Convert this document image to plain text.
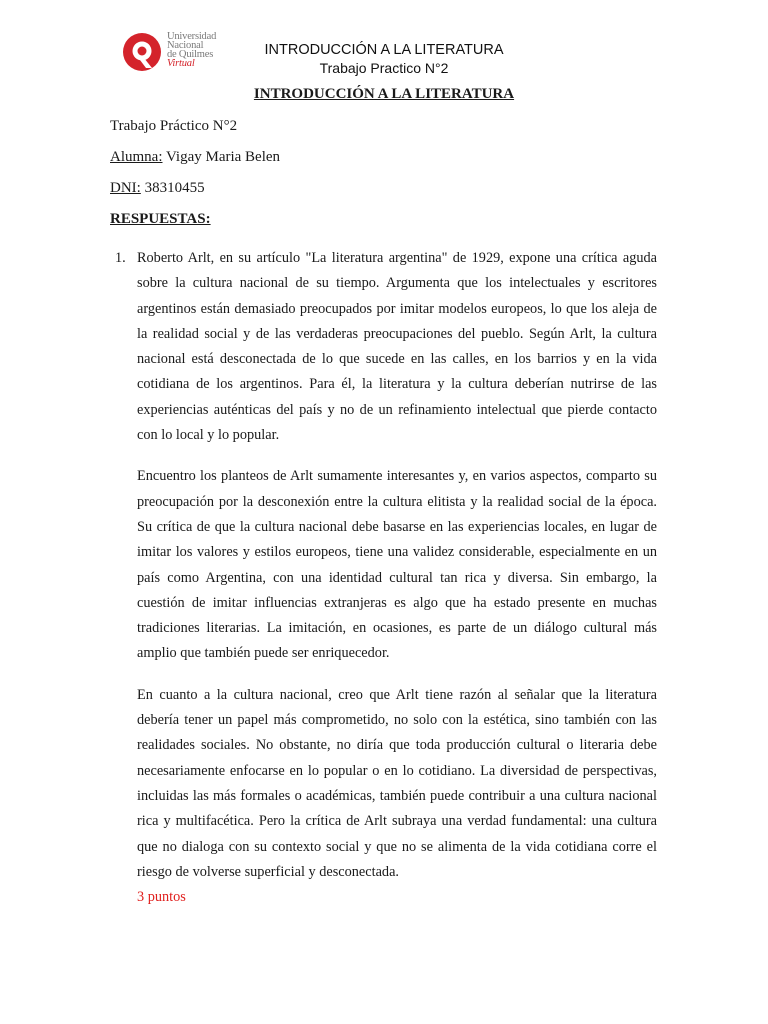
Universidad
Nacional
de Quilmes
Virtual
INTRODUCCIÓN A LA LITERATURA
Trabajo Practico N°2
INTRODUCCIÓN A LA LITERATURA
Trabajo Práctico N°2
Alumna: Vigay Maria Belen
DNI: 38310455
RESPUESTAS:
1. Roberto Arlt, en su artículo "La literatura argentina" de 1929, expone una crítica aguda sobre la cultura nacional de su tiempo. Argumenta que los intelectuales y escritores argentinos están demasiado preocupados por imitar modelos europeos, lo que los aleja de la realidad social y de las verdaderas preocupaciones del pueblo. Según Arlt, la cultura nacional está desconectada de lo que sucede en las calles, en los barrios y en la vida cotidiana de los argentinos. Para él, la literatura y la cultura deberían nutrirse de las experiencias auténticas del país y no de un refinamiento intelectual que pierde contacto con lo local y lo popular.

Encuentro los planteos de Arlt sumamente interesantes y, en varios aspectos, comparto su preocupación por la desconexión entre la cultura elitista y la realidad social de la época. Su crítica de que la cultura nacional debe basarse en las experiencias locales, en lugar de imitar los valores y estilos europeos, tiene una validez considerable, especialmente en un país como Argentina, con una identidad cultural tan rica y diversa. Sin embargo, la cuestión de imitar influencias extranjeras es algo que ha estado presente en muchas tradiciones literarias. La imitación, en ocasiones, es parte de un diálogo cultural más amplio que también puede ser enriquecedor.

En cuanto a la cultura nacional, creo que Arlt tiene razón al señalar que la literatura debería tener un papel más comprometido, no solo con la estética, sino también con las realidades sociales. No obstante, no diría que toda producción cultural o literaria debe necesariamente enfocarse en lo popular o en lo cotidiano. La diversidad de perspectivas, incluidas las más formales o académicas, también puede contribuir a una cultura nacional rica y multifacética. Pero la crítica de Arlt subraya una verdad fundamental: una cultura que no dialoga con su contexto social y que no se alimenta de la vida cotidiana corre el riesgo de volverse superficial y desconectada.

3 puntos
